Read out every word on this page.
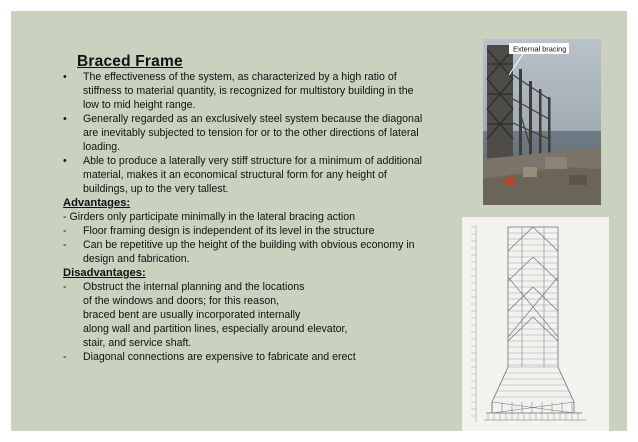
Braced Frame
• The effectiveness of the system, as characterized by a high ratio of
stiffness to material quantity, is recognized for multistory building in the
low to mid height range.
• Generally regarded as an exclusively steel system because the diagonal
are inevitably subjected to tension for or to the other directions of lateral
loading.
• Able to produce a laterally very stiff structure for a minimum of additional
material, makes it an economical structural form for any height of
buildings, up to the very tallest.
Advantages:
- Girders only participate minimally in the lateral bracing action
- Floor framing design is independent of its level in the structure
- Can be repetitive up the height of the building with obvious economy in
design and fabrication.
Disadvantages:
- Obstruct the internal planning and the locations
of the windows and doors; for this reason,
braced bent are usually incorporated internally
along wall and partition lines, especially around elevator,
stair, and service shaft.
- Diagonal connections are expensive to fabricate and erect
External bracing
